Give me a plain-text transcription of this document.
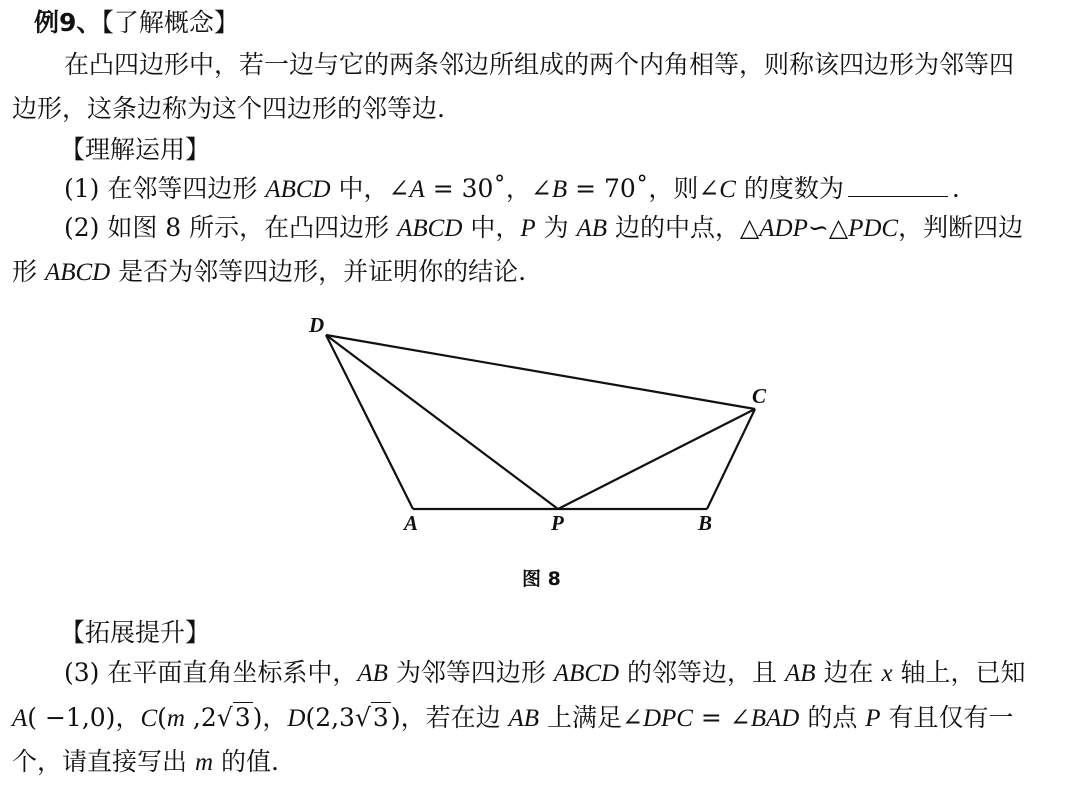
例9、【了解概念】
在凸四边形中，若一边与它的两条邻边所组成的两个内角相等，则称该四边形为邻等四
边形，这条边称为这个四边形的邻等边.
【理解运用】
(1) 在邻等四边形 ABCD 中，∠A = 30˚，∠B = 70˚，则∠C 的度数为	.
(2) 如图 8 所示，在凸四边形 ABCD 中，P 为 AB 边的中点，△ADP∽△PDC，判断四边
形 ABCD 是否为邻等四边形，并证明你的结论.
D
C
A	P	B
图 8
【拓展提升】
(3) 在平面直角坐标系中，AB 为邻等四边形 ABCD 的邻等边，且 AB 边在 x 轴上，已知
A( −1,0)，C(m ,2√3)，D(2,3√3)，若在边 AB 上满足∠DPC = ∠BAD 的点 P 有且仅有一
个，请直接写出 m 的值.
